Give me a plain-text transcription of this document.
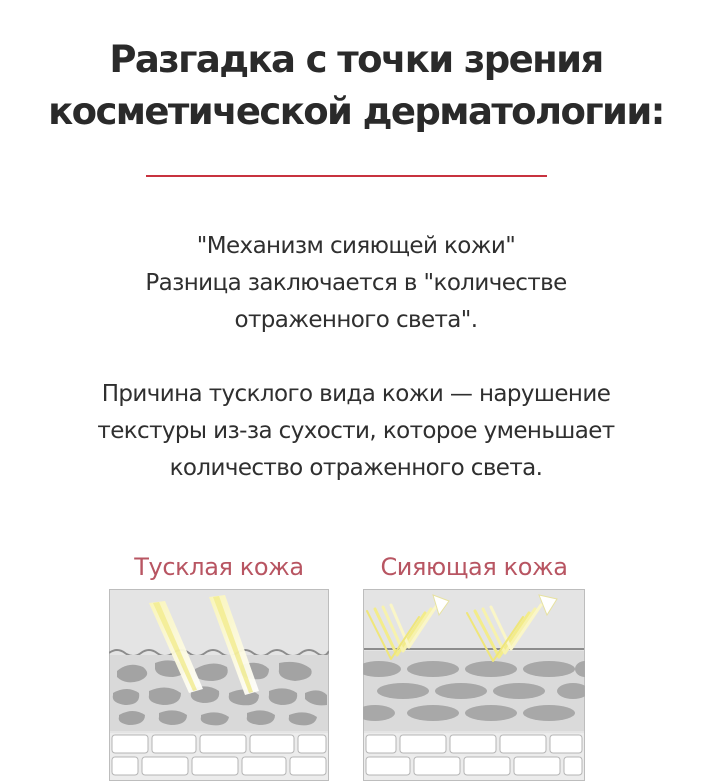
Разгадка с точки зрения
косметической дерматологии:
"Механизм сияющей кожи"
Разница заключается в "количестве
отраженного света".
Причина тусклого вида кожи — нарушение
текстуры из-за сухости, которое уменьшает
количество отраженного света.
Тусклая кожа	Сияющая кожа
